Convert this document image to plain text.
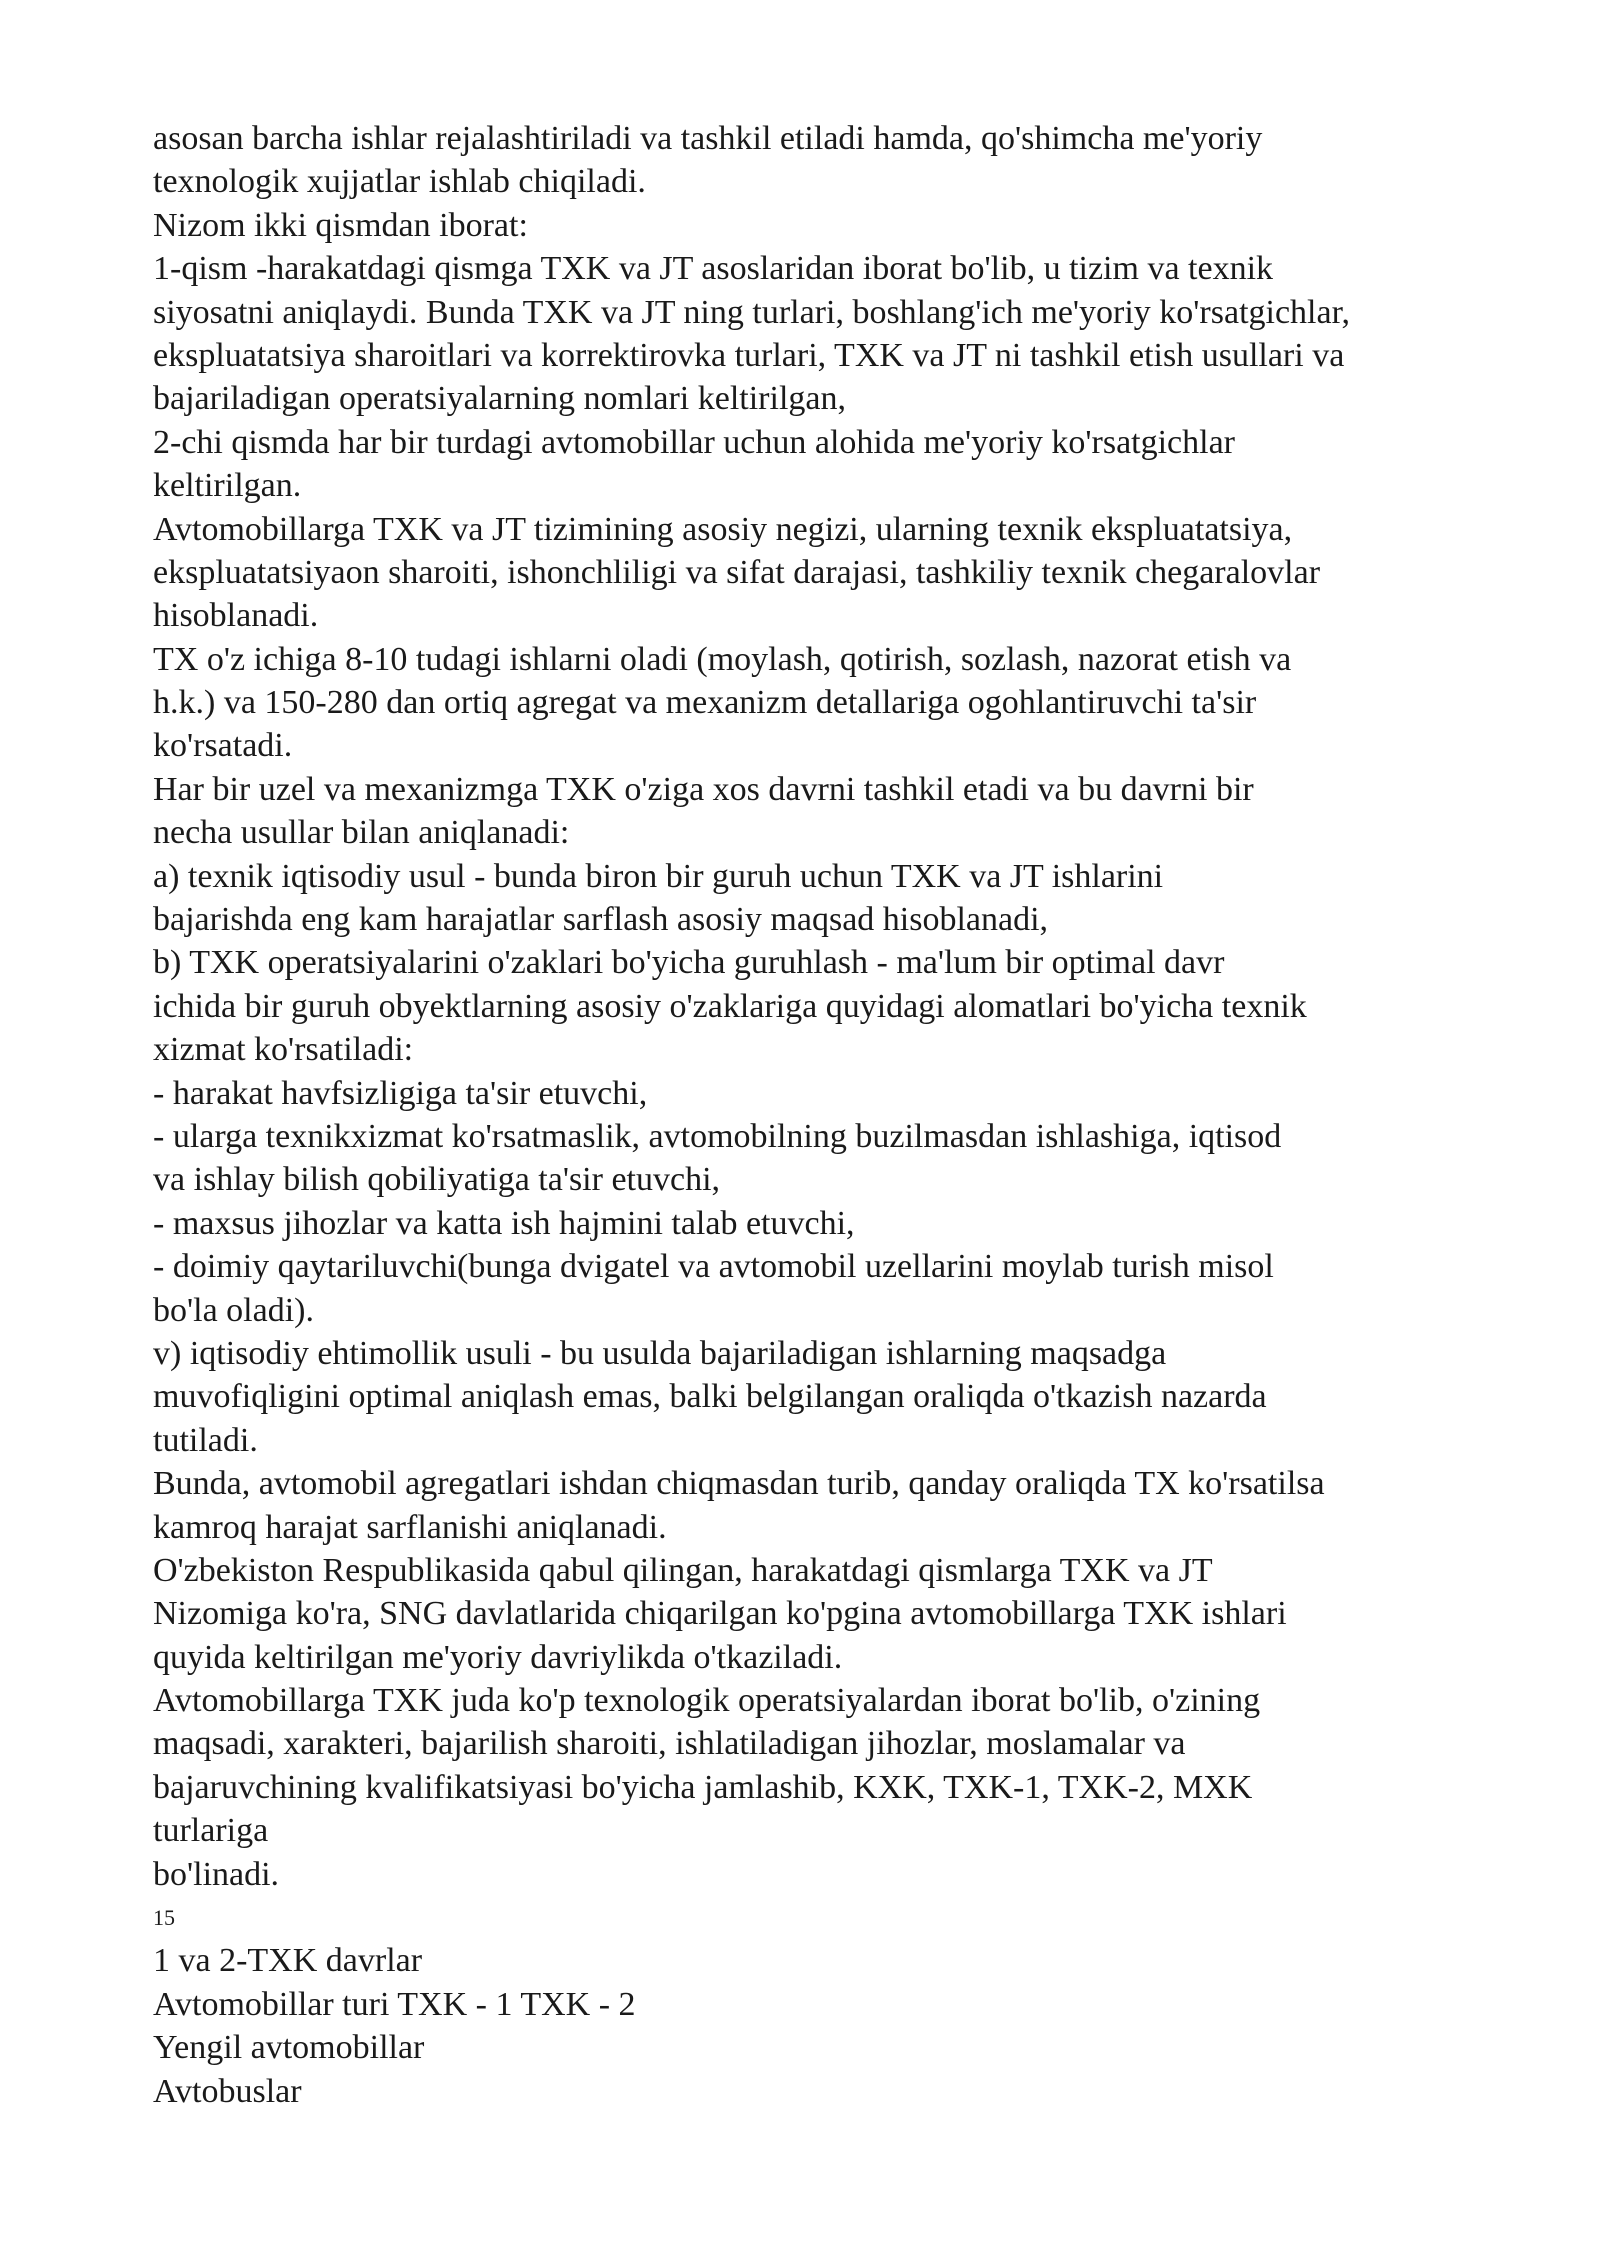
asosan barcha ishlar rejalashtiriladi va tashkil etiladi hamda, qo'shimcha me'yoriy
texnologik xujjatlar ishlab chiqiladi.
Nizom ikki qismdan iborat:
1-qism -harakatdagi qismga TXK va JT asoslaridan iborat bo'lib, u tizim va texnik
siyosatni aniqlaydi. Bunda TXK va JT ning turlari, boshlang'ich me'yoriy ko'rsatgichlar,
ekspluatatsiya sharoitlari va korrektirovka turlari, TXK va JT ni tashkil etish usullari va
bajariladigan operatsiyalarning nomlari keltirilgan,
2-chi qismda har bir turdagi avtomobillar uchun alohida me'yoriy ko'rsatgichlar
keltirilgan.
Avtomobillarga TXK va JT tizimining asosiy negizi, ularning texnik ekspluatatsiya,
ekspluatatsiyaon sharoiti, ishonchliligi va sifat darajasi, tashkiliy texnik chegaralovlar
hisoblanadi.
TX o'z ichiga 8-10 tudagi ishlarni oladi (moylash, qotirish, sozlash, nazorat etish va
h.k.) va 150-280 dan ortiq agregat va mexanizm detallariga ogohlantiruvchi ta'sir
ko'rsatadi.
Har bir uzel va mexanizmga TXK o'ziga xos davrni tashkil etadi va bu davrni bir
necha usullar bilan aniqlanadi:
a) texnik iqtisodiy usul - bunda biron bir guruh uchun TXK va JT ishlarini
bajarishda eng kam harajatlar sarflash asosiy maqsad hisoblanadi,
b) TXK operatsiyalarini o'zaklari bo'yicha guruhlash - ma'lum bir optimal davr
ichida bir guruh obyektlarning asosiy o'zaklariga quyidagi alomatlari bo'yicha texnik
xizmat ko'rsatiladi:
- harakat havfsizligiga ta'sir etuvchi,
- ularga texnikxizmat ko'rsatmaslik, avtomobilning buzilmasdan ishlashiga, iqtisod
va ishlay bilish qobiliyatiga ta'sir etuvchi,
- maxsus jihozlar va katta ish hajmini talab etuvchi,
- doimiy qaytariluvchi(bunga dvigatel va avtomobil uzellarini moylab turish misol
bo'la oladi).
v) iqtisodiy ehtimollik usuli - bu usulda bajariladigan ishlarning maqsadga
muvofiqligini optimal aniqlash emas, balki belgilangan oraliqda o'tkazish nazarda
tutiladi.
Bunda, avtomobil agregatlari ishdan chiqmasdan turib, qanday oraliqda TX ko'rsatilsa
kamroq harajat sarflanishi aniqlanadi.
O'zbekiston Respublikasida qabul qilingan, harakatdagi qismlarga TXK va JT
Nizomiga ko'ra, SNG davlatlarida chiqarilgan ko'pgina avtomobillarga TXK ishlari
quyida keltirilgan me'yoriy davriylikda o'tkaziladi.
Avtomobillarga TXK juda ko'p texnologik operatsiyalardan iborat bo'lib, o'zining
maqsadi, xarakteri, bajarilish sharoiti, ishlatiladigan jihozlar, moslamalar va
bajaruvchining kvalifikatsiyasi bo'yicha jamlashib, KXK, TXK-1, TXK-2, MXK
turlariga
bo'linadi.
15
1 va 2-TXK davrlar
Avtomobillar turi TXK - 1 TXK - 2
Yengil avtomobillar
Avtobuslar
